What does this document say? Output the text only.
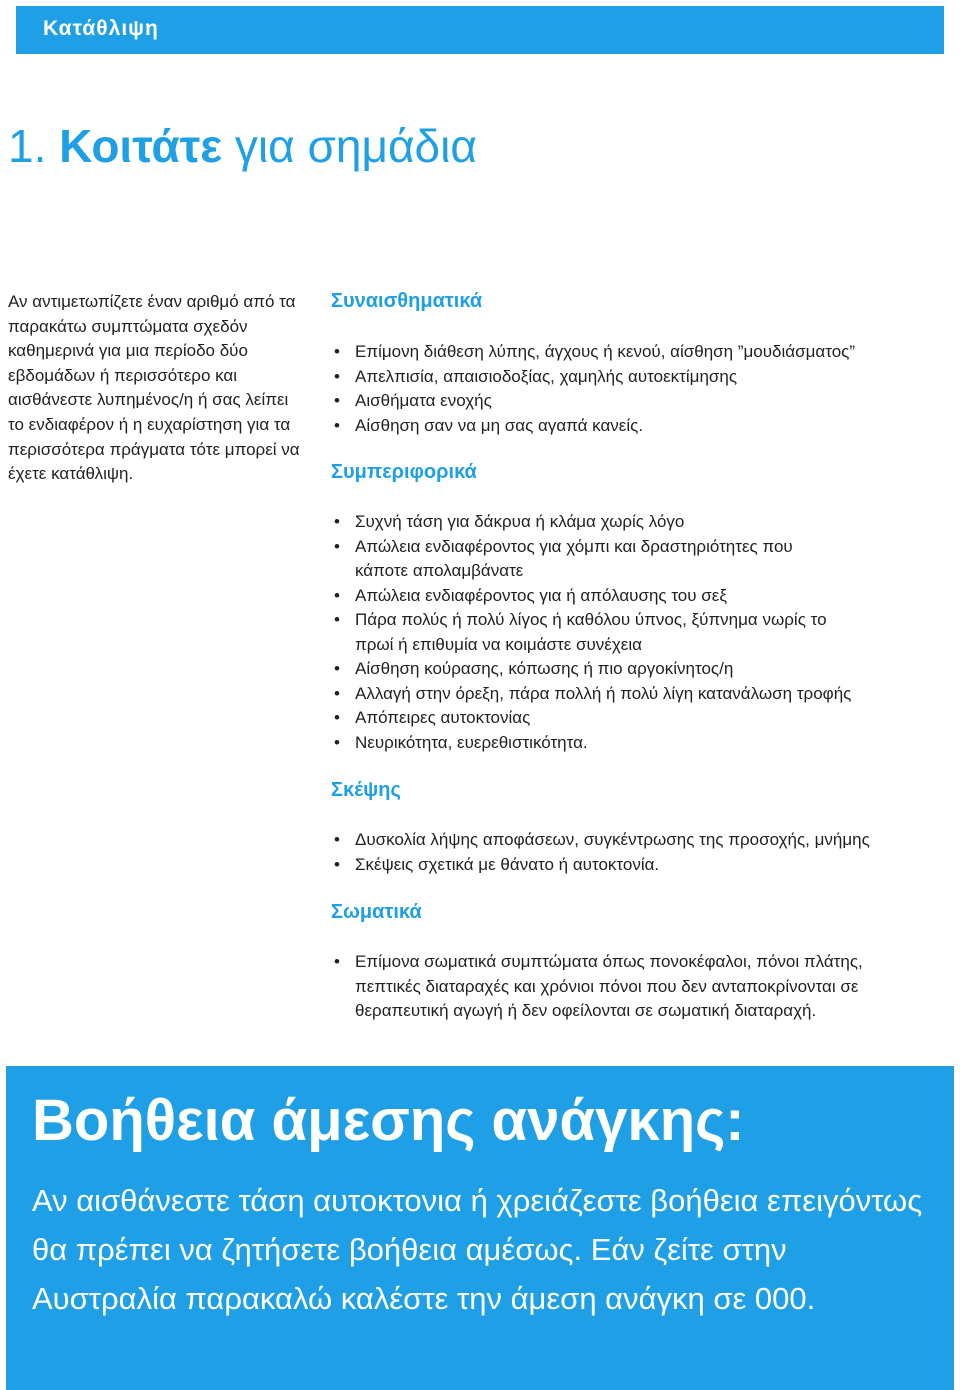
Κατάθλιψη
1. Κοιτάτε για σημάδια

Αν αντιμετωπίζετε έναν αριθμό από τα παρακάτω συμπτώματα σχεδόν καθημερινά για μια περίοδο δύο εβδομάδων ή περισσότερο και αισθάνεστε λυπημένος/η ή σας λείπει το ενδιαφέρον ή η ευχαρίστηση για τα περισσότερα πράγματα τότε μπορεί να έχετε κατάθλιψη.

Συναισθηματικά
• Επίμονη διάθεση λύπης, άγχους ή κενού, αίσθηση ”μουδιάσματος”
• Απελπισία, απαισιοδοξίας, χαμηλής αυτοεκτίμησης
• Αισθήματα ενοχής
• Αίσθηση σαν να μη σας αγαπά κανείς.
Συμπεριφορικά
• Συχνή τάση για δάκρυα ή κλάμα χωρίς λόγο
• Απώλεια ενδιαφέροντος για χόμπι και δραστηριότητες που κάποτε απολαμβάνατε
• Απώλεια ενδιαφέροντος για ή απόλαυσης του σεξ
• Πάρα πολύς ή πολύ λίγος ή καθόλου ύπνος, ξύπνημα νωρίς το πρωί ή επιθυμία να κοιμάστε συνέχεια
• Αίσθηση κούρασης, κόπωσης ή πιο αργοκίνητος/η
• Αλλαγή στην όρεξη, πάρα πολλή ή πολύ λίγη κατανάλωση τροφής
• Απόπειρες αυτοκτονίας
• Νευρικότητα, ευερεθιστικότητα.
Σκέψης
• Δυσκολία λήψης αποφάσεων, συγκέντρωσης της προσοχής, μνήμης
• Σκέψεις σχετικά με θάνατο ή αυτοκτονία.
Σωματικά
• Επίμονα σωματικά συμπτώματα όπως πονοκέφαλοι, πόνοι πλάτης, πεπτικές διαταραχές και χρόνιοι πόνοι που δεν ανταποκρίνονται σε θεραπευτική αγωγή ή δεν οφείλονται σε σωματική διαταραχή.
Βοήθεια άμεσης ανάγκης:

Αν αισθάνεστε τάση αυτοκτονια ή χρειάζεστε βοήθεια επειγόντως θα πρέπει να ζητήσετε βοήθεια αμέσως. Εάν ζείτε στην Αυστραλία παρακαλώ καλέστε την άμεση ανάγκη σε 000.
